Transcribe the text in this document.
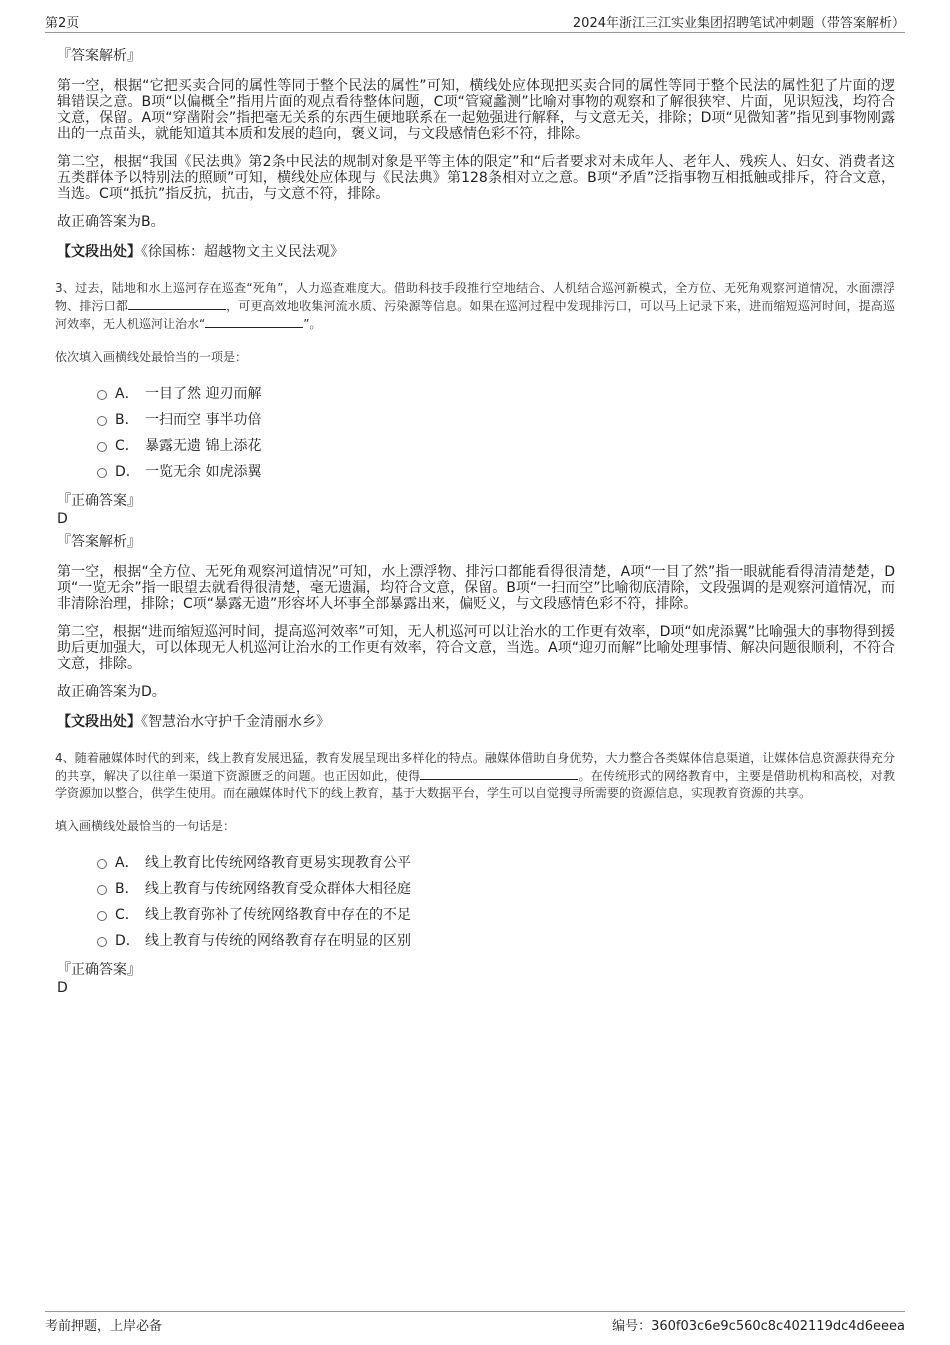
第2页	2024年浙江三江实业集团招聘笔试冲刺题（带答案解析）
『答案解析』

第一空，根据“它把买卖合同的属性等同于整个民法的属性”可知，横线处应体现把买卖合同的属性等同于整个民法的属性犯了片面的逻辑错误之意。B项“以偏概全”指用片面的观点看待整体问题，C项“管窥蠡测”比喻对事物的观察和了解很狭窄、片面，见识短浅，均符合文意，保留。A项“穿凿附会”指把毫无关系的东西生硬地联系在一起勉强进行解释，与文意无关，排除；D项“见微知著”指见到事物刚露出的一点苗头，就能知道其本质和发展的趋向，褒义词，与文段感情色彩不符，排除。

第二空，根据“我国《民法典》第2条中民法的规制对象是平等主体的限定”和“后者要求对未成年人、老年人、残疾人、妇女、消费者这五类群体予以特别法的照顾”可知，横线处应体现与《民法典》第128条相对立之意。B项“矛盾”泛指事物互相抵触或排斥，符合文意，当选。C项“抵抗”指反抗，抗击，与文意不符，排除。

故正确答案为B。

【文段出处】《徐国栋：超越物文主义民法观》

3、过去，陆地和水上巡河存在巡查“死角”，人力巡查难度大。借助科技手段推行空地结合、人机结合巡河新模式，全方位、无死角观察河道情况，水面漂浮物、排污口都	，可更高效地收集河流水质、污染源等信息。如果在巡河过程中发现排污口，可以马上记录下来，进而缩短巡河时间，提高巡河效率，无人机巡河让治水“	”。

依次填入画横线处最恰当的一项是：

A． 一目了然 迎刃而解
B． 一扫而空 事半功倍
C． 暴露无遗 锦上添花
D． 一览无余 如虎添翼
『正确答案』
D
『答案解析』

第一空，根据“全方位、无死角观察河道情况”可知，水上漂浮物、排污口都能看得很清楚，A项“一目了然”指一眼就能看得清清楚楚，D项“一览无余”指一眼望去就看得很清楚，毫无遗漏，均符合文意，保留。B项“一扫而空”比喻彻底清除，文段强调的是观察河道情况，而非清除治理，排除；C项“暴露无遗”形容坏人坏事全部暴露出来，偏贬义，与文段感情色彩不符，排除。

第二空，根据“进而缩短巡河时间，提高巡河效率”可知，无人机巡河可以让治水的工作更有效率，D项“如虎添翼”比喻强大的事物得到援助后更加强大，可以体现无人机巡河让治水的工作更有效率，符合文意，当选。A项“迎刃而解”比喻处理事情、解决问题很顺利，不符合文意，排除。

故正确答案为D。

【文段出处】《智慧治水守护千金清丽水乡》

4、随着融媒体时代的到来，线上教育发展迅猛，教育发展呈现出多样化的特点。融媒体借助自身优势，大力整合各类媒体信息渠道，让媒体信息资源获得充分的共享，解决了以往单一渠道下资源匮乏的问题。也正因如此，使得	。在传统形式的网络教育中，主要是借助机构和高校，对教学资源加以整合，供学生使用。而在融媒体时代下的线上教育，基于大数据平台，学生可以自觉搜寻所需要的资源信息，实现教育资源的共享。

填入画横线处最恰当的一句话是：

A． 线上教育比传统网络教育更易实现教育公平
B． 线上教育与传统网络教育受众群体大相径庭
C． 线上教育弥补了传统网络教育中存在的不足
D． 线上教育与传统的网络教育存在明显的区别
『正确答案』
D
考前押题，上岸必备	编号：360f03c6e9c560c8c402119dc4d6eeea
